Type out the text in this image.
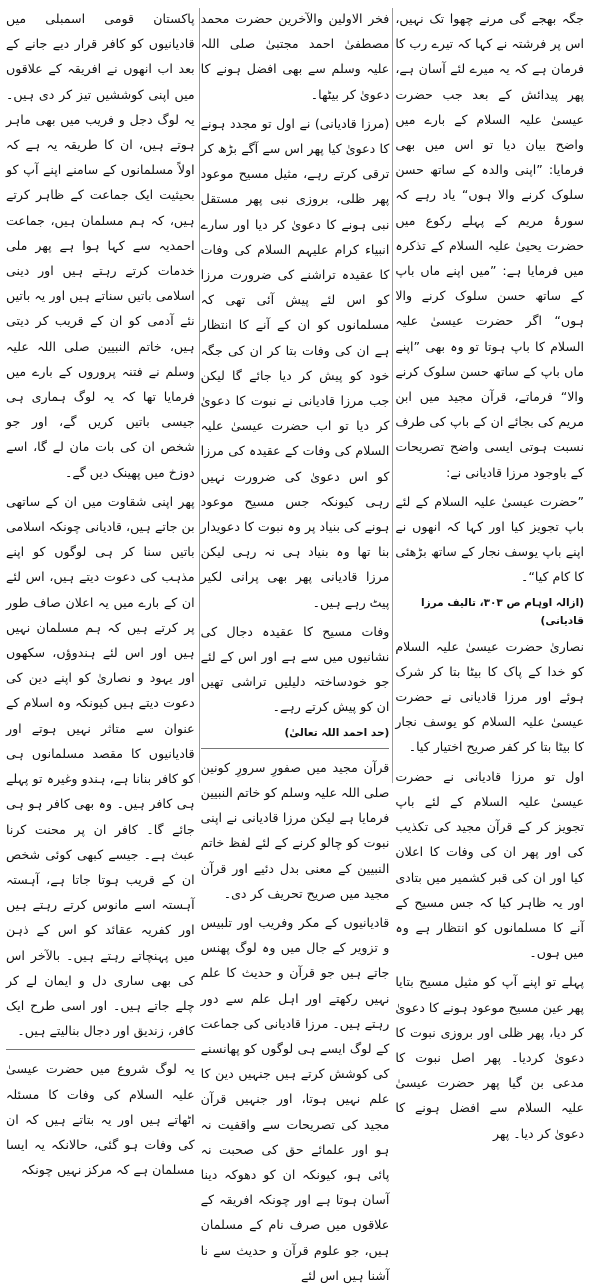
جگہ بھجے گی مرنے چھوا تک نہیں، اس پر فرشتہ نے کہا کہ تیرے رب کا فرمان ہے کہ یہ میرے لئے آسان ہے، پھر پیدائش کے بعد جب حضرت عیسیٰ علیہ السلام کے بارے میں واضح بیان دیا تو اس میں بھی فرمایا: ”اپنی والدہ کے ساتھ حسن سلوک کرنے والا ہوں“ یاد رہے کہ سورۂ مریم کے پہلے رکوع میں حضرت یحییٰ علیہ السلام کے تذکرہ میں فرمایا ہے: ”میں اپنے ماں باپ کے ساتھ حسن سلوک کرنے والا ہوں“ اگر حضرت عیسیٰ علیہ السلام کا باپ ہوتا تو وہ بھی ”اپنے ماں باپ کے ساتھ حسن سلوک کرنے والا“ فرماتے، قرآن مجید میں ابن مریم کی بجائے ان کے باپ کی طرف نسبت ہوتی ایسی واضح تصریحات کے باوجود مرزا قادیانی نے:

”حضرت عیسیٰ علیہ السلام کے لئے باپ تجویز کیا اور کہا کہ انھوں نے اپنے باپ یوسف نجار کے ساتھ بڑھئی کا کام کیا“۔

(ازالہ اوہام ص ۳۰۳، تالیف مرزا قادیانی)

نصاریٰ حضرت عیسیٰ علیہ السلام کو خدا کے پاک کا بیٹا بتا کر شرک ہوئے اور مرزا قادیانی نے حضرت عیسیٰ علیہ السلام کو یوسف نجار کا بیٹا بتا کر کفر صریح اختیار کیا۔

اول تو مرزا قادیانی نے حضرت عیسیٰ علیہ السلام کے لئے باپ تجویز کر کے قرآن مجید کی تکذیب کی اور پھر ان کی وفات کا اعلان کیا اور ان کی قبر کشمیر میں بتادی اور یہ ظاہر کیا کہ جس مسیح کے آنے کا مسلمانوں کو انتظار ہے وہ میں ہوں۔

پہلے تو اپنے آپ کو مثیل مسیح بتایا پھر عین مسیح موعود ہونے کا دعویٰ کر دیا، پھر ظلی اور بروزی نبوت کا دعویٰ کردیا۔ پھر اصل نبوت کا مدعی بن گیا پھر حضرت عیسیٰ علیہ السلام سے افضل ہونے کا دعویٰ کر دیا۔ پھر

فخر الاولین والآخرین حضرت محمد مصطفیٰ احمد مجتبیٰ صلی اللہ علیہ وسلم سے بھی افضل ہونے کا دعویٰ کر بیٹھا۔

(مرزا قادیانی) نے اول تو مجدد ہونے کا دعویٰ کیا پھر اس سے آگے بڑھ کر ترقی کرتے رہے، مثیل مسیح موعود پھر ظلی، بروزی نبی پھر مستقل نبی ہونے کا دعویٰ کر دیا اور سارے انبیاء کرام علیہم السلام کی وفات کا عقیدہ تراشنے کی ضرورت مرزا کو اس لئے پیش آئی تھی کہ مسلمانوں کو ان کے آنے کا انتظار ہے ان کی وفات بتا کر ان کی جگہ خود کو پیش کر دیا جائے گا لیکن جب مرزا قادیانی نے نبوت کا دعویٰ کر دیا تو اب حضرت عیسیٰ علیہ السلام کی وفات کے عقیدہ کی مرزا کو اس دعویٰ کی ضرورت نہیں رہی کیونکہ جس مسیح موعود ہونے کی بنیاد پر وہ نبوت کا دعویدار بنا تھا وہ بنیاد ہی نہ رہی لیکن مرزا قادیانی پھر بھی پرانی لکیر پیٹ رہے ہیں۔

وفات مسیح کا عقیدہ دجال کی نشانیوں میں سے ہے اور اس کے لئے جو خودساختہ دلیلیں تراشی تھیں ان کو پیش کرتے رہے۔

(حد احمد اللہ تعالیٰ)

قرآن مجید میں صفورِ سرورِ کونین صلی اللہ علیہ وسلم کو خاتم النبیین فرمایا ہے لیکن مرزا قادیانی نے اپنی نبوت کو چالو کرنے کے لئے لفظ خاتم النبیین کے معنی بدل دئیے اور قرآن مجید میں صریح تحریف کر دی۔

قادیانیوں کے مکر وفریب اور تلبیس و تزویر کے جال میں وہ لوگ پھنس جاتے ہیں جو قرآن و حدیث کا علم نہیں رکھتے اور اہل علم سے دور رہتے ہیں۔ مرزا قادیانی کی جماعت کے لوگ ایسے ہی لوگوں کو پھانسنے کی کوشش کرتے ہیں جنہیں دین کا علم نہیں ہوتا، اور جنہیں قرآن مجید کی تصریحات سے واقفیت نہ ہو اور علمائے حق کی صحبت نہ پائی ہو، کیونکہ ان کو دھوکہ دینا آسان ہوتا ہے اور چونکہ افریقہ کے علاقوں میں صرف نام کے مسلمان ہیں، جو علوم قرآن و حدیث سے نا آشنا ہیں اس لئے

پاکستان قومی اسمبلی میں قادیانیوں کو کافر قرار دیے جانے کے بعد اب انھوں نے افریقہ کے علاقوں میں اپنی کوششیں تیز کر دی ہیں۔ یہ لوگ دجل و فریب میں بھی ماہر ہوتے ہیں، ان کا طریقہ یہ ہے کہ اولاً مسلمانوں کے سامنے اپنے آپ کو بحیثیت ایک جماعت کے ظاہر کرتے ہیں، کہ ہم مسلمان ہیں، جماعت احمدیہ سے کہا ہوا ہے پھر ملی خدمات کرتے رہتے ہیں اور دینی اسلامی باتیں سناتے ہیں اور یہ باتیں نئے آدمی کو ان کے قریب کر دیتی ہیں، خاتم النبیین صلی اللہ علیہ وسلم نے فتنہ پروروں کے بارے میں فرمایا تھا کہ یہ لوگ ہماری ہی جیسی باتیں کریں گے، اور جو شخص ان کی بات مان لے گا، اسے دوزخ میں پھینک دیں گے۔

پھر اپنی شقاوت میں ان کے ساتھی بن جاتے ہیں، قادیانی چونکہ اسلامی باتیں سنا کر ہی لوگوں کو اپنے مذہب کی دعوت دیتے ہیں، اس لئے ان کے بارے میں یہ اعلان صاف طور پر کرتے ہیں کہ ہم مسلمان نہیں ہیں اور اس لئے ہندوؤں، سکھوں اور یہود و نصاریٰ کو اپنے دین کی دعوت دیتے ہیں کیونکہ وہ اسلام کے عنوان سے متاثر نہیں ہوتے اور قادیانیوں کا مقصد مسلمانوں ہی کو کافر بنانا ہے، ہندو وغیرہ تو پہلے ہی کافر ہیں۔ وہ بھی کافر ہو ہی جائے گا۔ کافر ان پر محنت کرنا عبث ہے۔ جیسے کبھی کوئی شخص ان کے قریب ہوتا جاتا ہے، آہستہ آہستہ اسے مانوس کرتے رہتے ہیں اور کفریہ عقائد کو اس کے ذہن میں پہنچاتے رہتے ہیں۔ بالآخر اس کی بھی ساری دل و ایمان لے کر چلے جاتے ہیں۔ اور اسی طرح ایک کافر، زندیق اور دجال بنالیتے ہیں۔

یہ لوگ شروع میں حضرت عیسیٰ علیہ السلام کی وفات کا مسئلہ اٹھاتے ہیں اور یہ بتاتے ہیں کہ ان کی وفات ہو گئی، حالانکہ یہ ایسا مسلمان ہے کہ مرکز نہیں چونکہ
